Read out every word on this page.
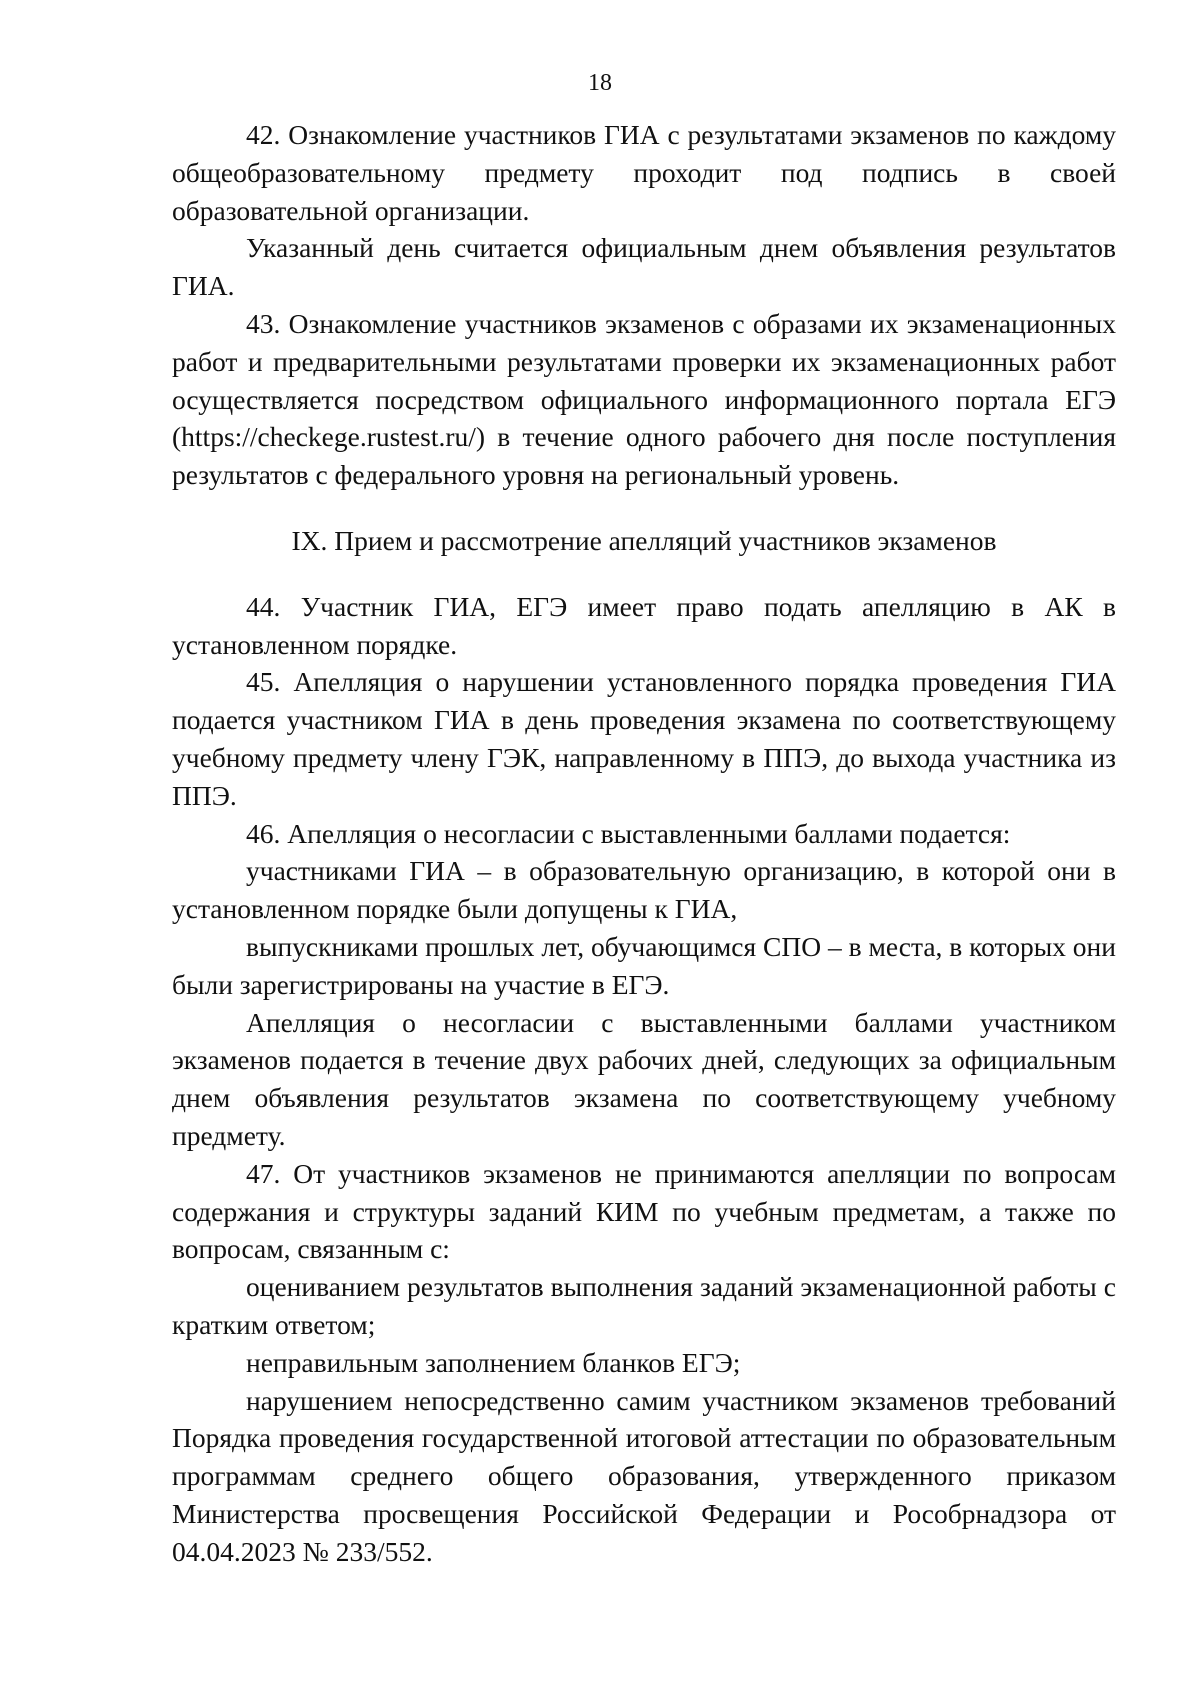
18

42. Ознакомление участников ГИА с результатами экзаменов по каждому общеобразовательному предмету проходит под подпись в своей образовательной организации.

Указанный день считается официальным днем объявления результатов ГИА.

43. Ознакомление участников экзаменов с образами их экзаменационных работ и предварительными результатами проверки их экзаменационных работ осуществляется посредством официального информационного портала ЕГЭ (https://checkege.rustest.ru/) в течение одного рабочего дня после поступления результатов с федерального уровня на региональный уровень.

IX. Прием и рассмотрение апелляций участников экзаменов

44. Участник ГИА, ЕГЭ имеет право подать апелляцию в АК в установленном порядке.

45. Апелляция о нарушении установленного порядка проведения ГИА подается участником ГИА в день проведения экзамена по соответствующему учебному предмету члену ГЭК, направленному в ППЭ, до выхода участника из ППЭ.

46. Апелляция о несогласии с выставленными баллами подается:

участниками ГИА – в образовательную организацию, в которой они в установленном порядке были допущены к ГИА,

выпускниками прошлых лет, обучающимся СПО – в места, в которых они были зарегистрированы на участие в ЕГЭ.

Апелляция о несогласии с выставленными баллами участником экзаменов подается в течение двух рабочих дней, следующих за официальным днем объявления результатов экзамена по соответствующему учебному предмету.

47. От участников экзаменов не принимаются апелляции по вопросам содержания и структуры заданий КИМ по учебным предметам, а также по вопросам, связанным с:

оцениванием результатов выполнения заданий экзаменационной работы с кратким ответом;

неправильным заполнением бланков ЕГЭ;

нарушением непосредственно самим участником экзаменов требований Порядка проведения государственной итоговой аттестации по образовательным программам среднего общего образования, утвержденного приказом Министерства просвещения Российской Федерации и Рособрнадзора от 04.04.2023 № 233/552.
